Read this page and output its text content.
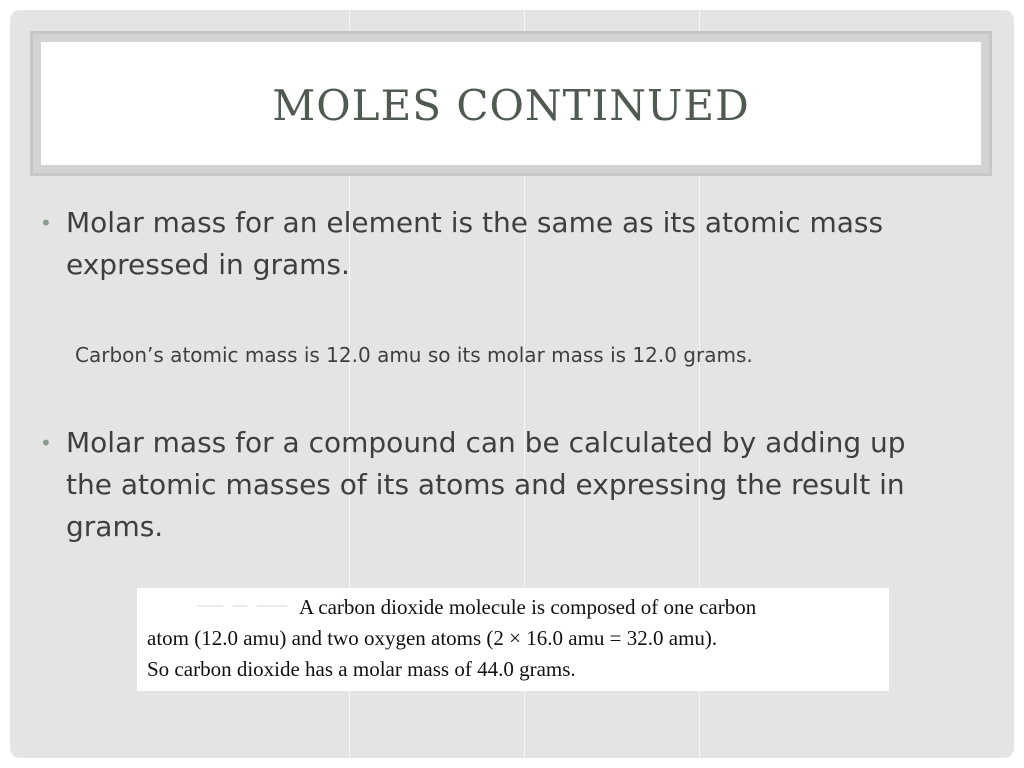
MOLES CONTINUED
• Molar mass for an element is the same as its atomic mass expressed in grams.
Carbon’s atomic mass is 12.0 amu so its molar mass is 12.0 grams.
• Molar mass for a compound can be calculated by adding up the atomic masses of its atoms and expressing the result in grams.
A carbon dioxide molecule is composed of one carbon
atom (12.0 amu) and two oxygen atoms (2 × 16.0 amu = 32.0 amu).
So carbon dioxide has a molar mass of 44.0 grams.
